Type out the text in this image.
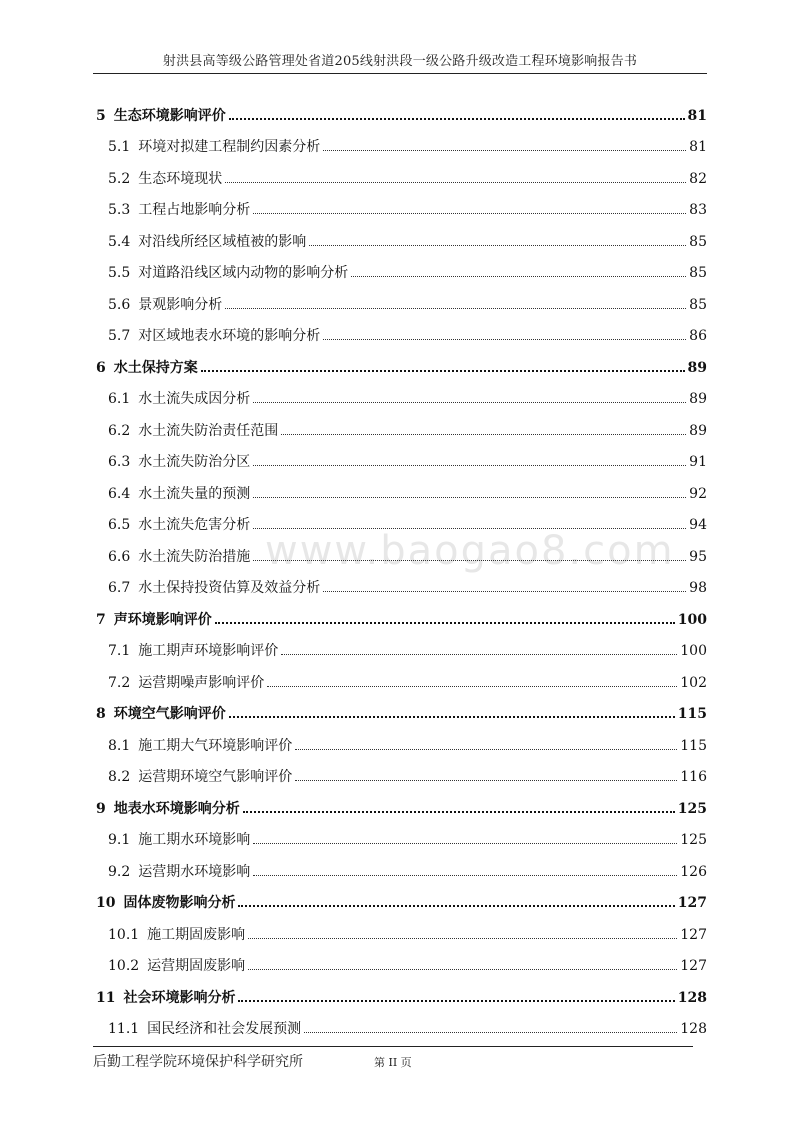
射洪县高等级公路管理处省道205线射洪段一级公路升级改造工程环境影响报告书
www.baogao8.com
5 生态环境影响评价	81
5.1 环境对拟建工程制约因素分析	81
5.2 生态环境现状	82
5.3 工程占地影响分析	83
5.4 对沿线所经区域植被的影响	85
5.5 对道路沿线区域内动物的影响分析	85
5.6 景观影响分析	85
5.7 对区域地表水环境的影响分析	86
6 水土保持方案	89
6.1 水土流失成因分析	89
6.2 水土流失防治责任范围	89
6.3 水土流失防治分区	91
6.4 水土流失量的预测	92
6.5 水土流失危害分析	94
6.6 水土流失防治措施	95
6.7 水土保持投资估算及效益分析	98
7 声环境影响评价	100
7.1 施工期声环境影响评价	100
7.2 运营期噪声影响评价	102
8 环境空气影响评价	115
8.1 施工期大气环境影响评价	115
8.2 运营期环境空气影响评价	116
9 地表水环境影响分析	125
9.1 施工期水环境影响	125
9.2 运营期水环境影响	126
10 固体废物影响分析	127
10.1 施工期固废影响	127
10.2 运营期固废影响	127
11 社会环境影响分析	128
11.1 国民经济和社会发展预测	128
后勤工程学院环境保护科学研究所	第 II 页
